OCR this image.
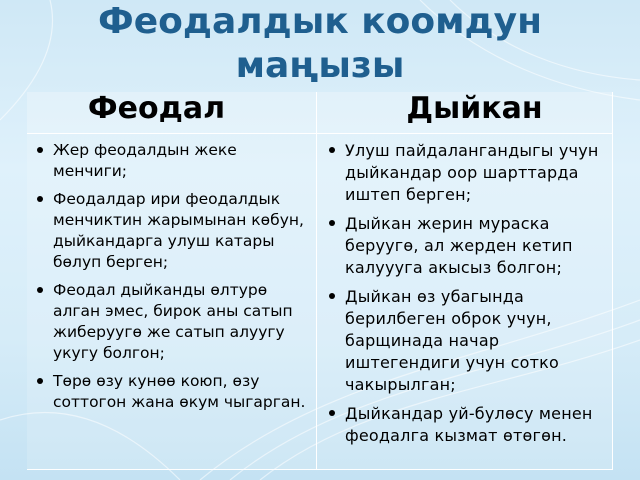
Феодалдык коомдун
маңызы
Феодал	Дыйкан
Жер феодалдын жеке менчиги;
Феодалдар ири феодалдык менчиктин жарымынан көбун, дыйкандарга улуш катары бөлуп берген;
Феодал дыйканды өлтурө алган эмес, бирок аны сатып жиберуугө же сатып алуугу укугу болгон;
Төрө өзу кунөө коюп, өзу соттогон жана өкум чыгарган.
Улуш пайдалангандыгы учун дыйкандар оор шарттарда иштеп берген;
Дыйкан жерин мураска беруугө, ал жерден кетип калуууга акысыз болгон;
Дыйкан өз убагында берилбеген оброк учун, барщинада начар иштегендиги учун сотко чакырылган;
Дыйкандар уй-булөсу менен феодалга кызмат өтөгөн.
